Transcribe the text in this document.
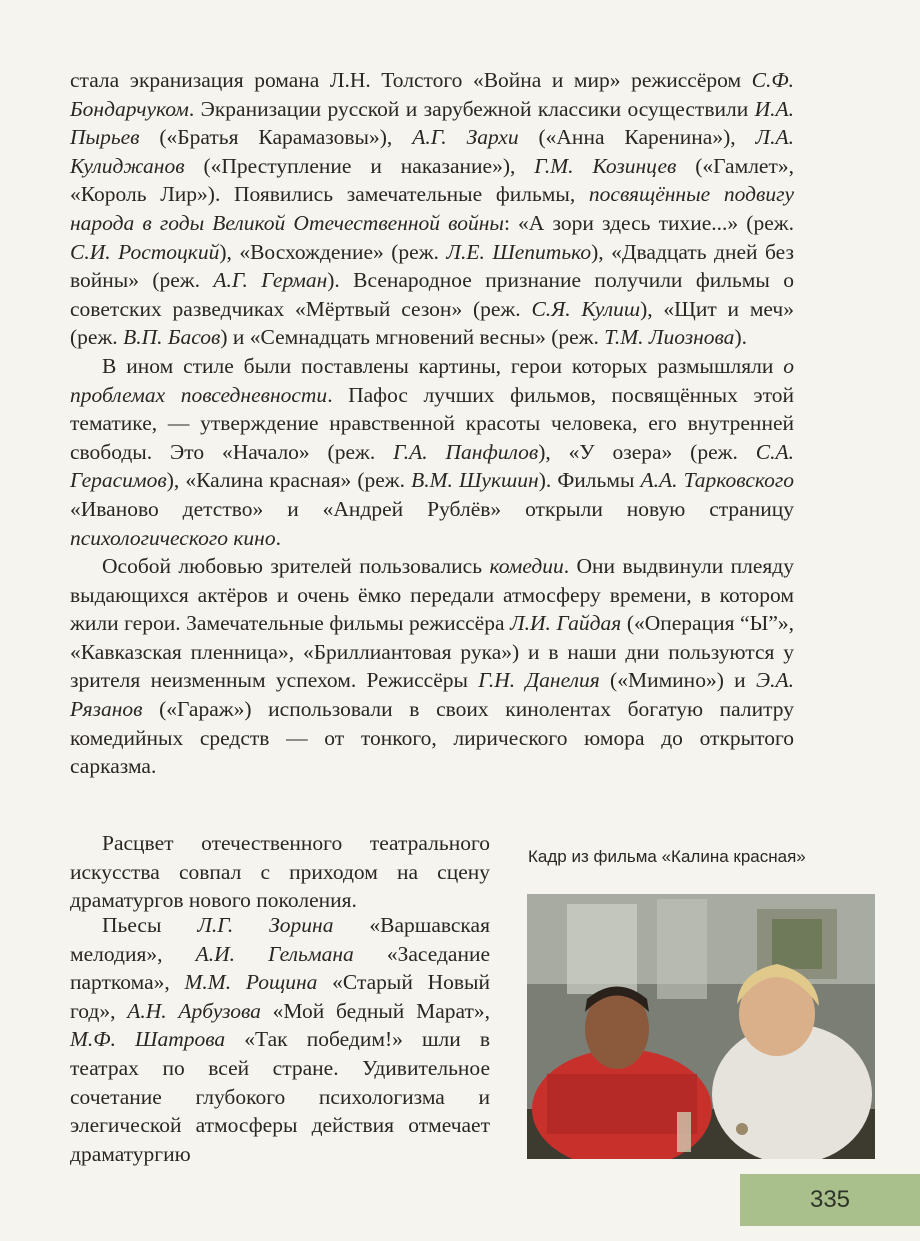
стала экранизация романа Л.Н. Толстого «Война и мир» режиссёром С.Ф. Бондарчуком. Экранизации русской и зарубежной классики осуществили И.А. Пырьев («Братья Карамазовы»), А.Г. Зархи («Анна Каренина»), Л.А. Кулиджанов («Преступление и наказание»), Г.М. Козинцев («Гамлет», «Король Лир»). Появились замечательные фильмы, посвящённые подвигу народа в годы Великой Отечественной войны: «А зори здесь тихие...» (реж. С.И. Ростоцкий), «Восхождение» (реж. Л.Е. Шепитько), «Двадцать дней без войны» (реж. А.Г. Герман). Всенародное признание получили фильмы о советских разведчиках «Мёртвый сезон» (реж. С.Я. Кулиш), «Щит и меч» (реж. В.П. Басов) и «Семнадцать мгновений весны» (реж. Т.М. Лиознова).

В ином стиле были поставлены картины, герои которых размышляли о проблемах повседневности. Пафос лучших фильмов, посвящённых этой тематике, — утверждение нравственной красоты человека, его внутренней свободы. Это «Начало» (реж. Г.А. Панфилов), «У озера» (реж. С.А. Герасимов), «Калина красная» (реж. В.М. Шукшин). Фильмы А.А. Тарковского «Иваново детство» и «Андрей Рублёв» открыли новую страницу психологического кино.

Особой любовью зрителей пользовались комедии. Они выдвинули плеяду выдающихся актёров и очень ёмко передали атмосферу времени, в котором жили герои. Замечательные фильмы режиссёра Л.И. Гайдая («Операция “Ы”», «Кавказская пленница», «Бриллиантовая рука») и в наши дни пользуются у зрителя неизменным успехом. Режиссёры Г.Н. Данелия («Мимино») и Э.А. Рязанов («Гараж») использовали в своих кинолентах богатую палитру комедийных средств — от тонкого, лирического юмора до открытого сарказма.

Расцвет отечественного театрального искусства совпал с приходом на сцену драматургов нового поколения.

Пьесы Л.Г. Зорина «Варшавская мелодия», А.И. Гельмана «Заседание парткома», М.М. Рощина «Старый Новый год», А.Н. Арбузова «Мой бедный Марат», М.Ф. Шатрова «Так победим!» шли в театрах по всей стране. Удивительное сочетание глубокого психологизма и элегической атмосферы действия отмечает драматургию

Кадр из фильма «Калина красная»
335
